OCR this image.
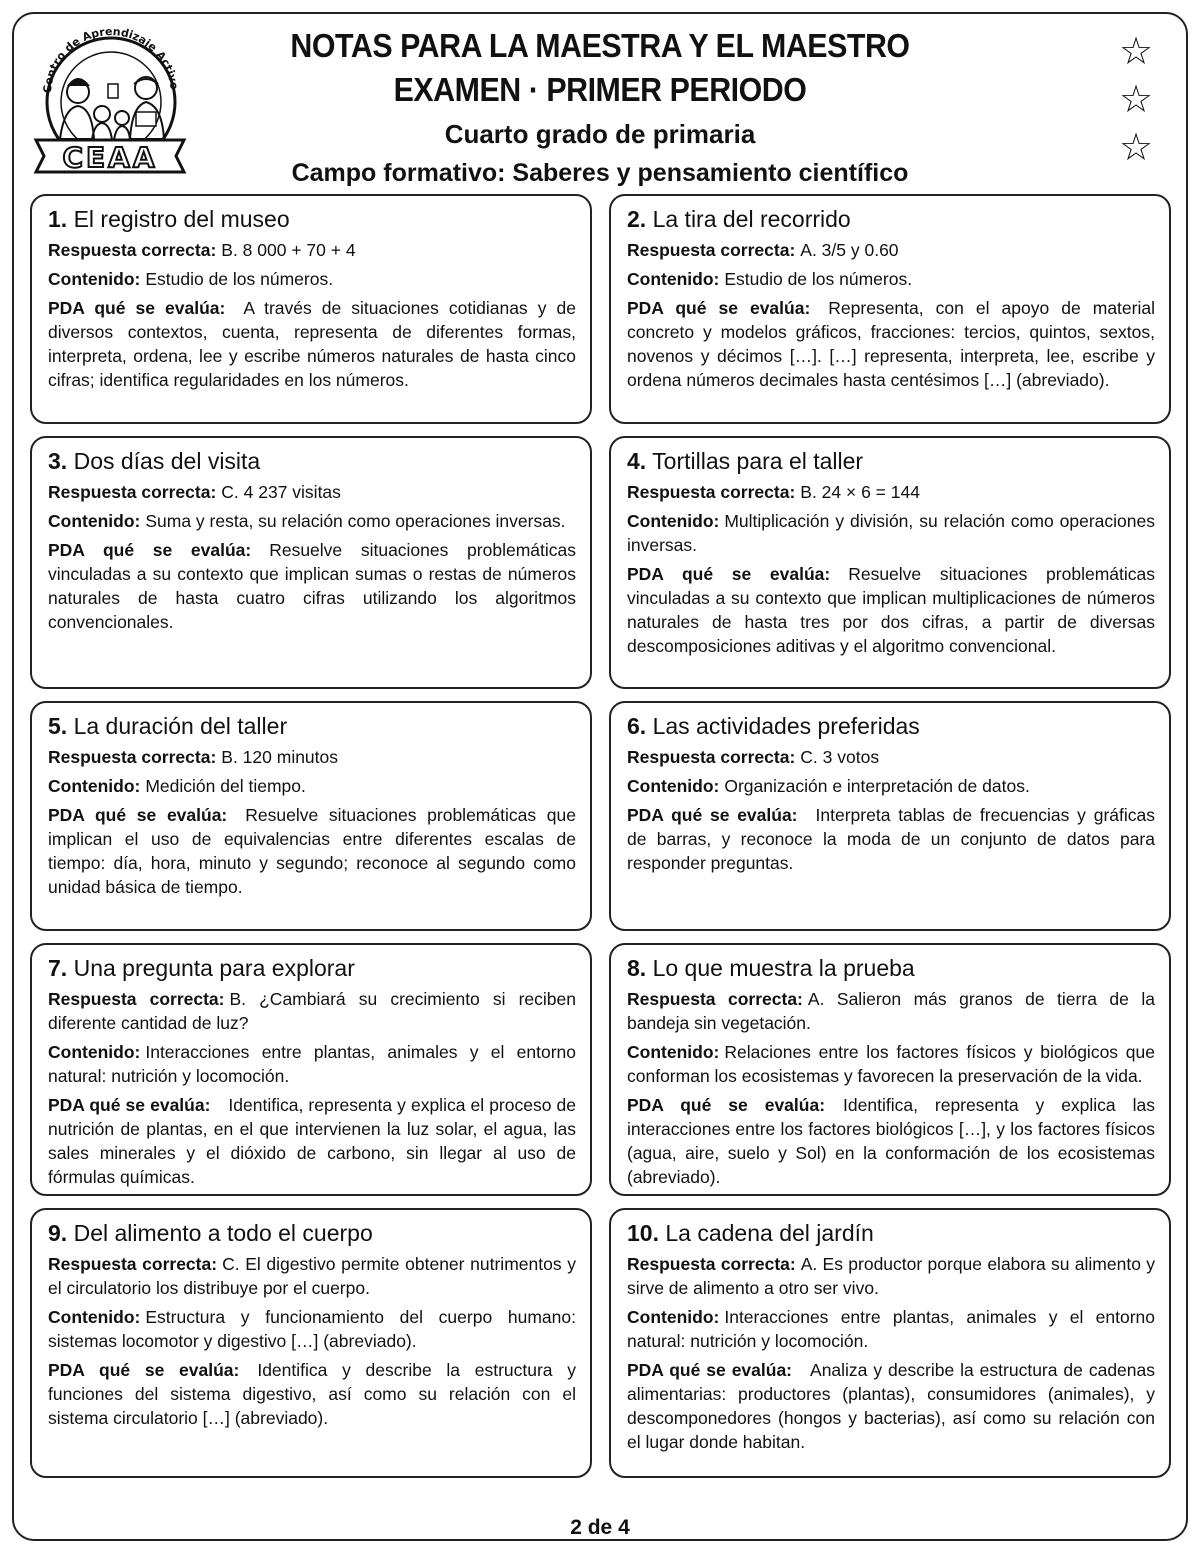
Centro de Aprendizaje Activo
CEAA
NOTAS PARA LA MAESTRA Y EL MAESTRO
EXAMEN · PRIMER PERIODO
Cuarto grado de primaria
Campo formativo: Saberes y pensamiento científico
☆
☆
☆
1. El registro del museo
Respuesta correcta: B. 8 000 + 70 + 4
Contenido: Estudio de los números.
PDA qué se evalúa: A través de situaciones cotidianas y de diversos contextos, cuenta, representa de diferentes formas, interpreta, ordena, lee y escribe números naturales de hasta cinco cifras; identifica regularidades en los números.
2. La tira del recorrido
Respuesta correcta: A. 3/5 y 0.60
Contenido: Estudio de los números.
PDA qué se evalúa: Representa, con el apoyo de material concreto y modelos gráficos, fracciones: tercios, quintos, sextos, novenos y décimos […]. […] representa, interpreta, lee, escribe y ordena números decimales hasta centésimos […] (abreviado).
3. Dos días del visita
Respuesta correcta: C. 4 237 visitas
Contenido: Suma y resta, su relación como operaciones inversas.
PDA qué se evalúa: Resuelve situaciones problemáticas vinculadas a su contexto que implican sumas o restas de números naturales de hasta cuatro cifras utilizando los algoritmos convencionales.
4. Tortillas para el taller
Respuesta correcta: B. 24 × 6 = 144
Contenido: Multiplicación y división, su relación como operaciones inversas.
PDA qué se evalúa: Resuelve situaciones problemáticas vinculadas a su contexto que implican multiplicaciones de números naturales de hasta tres por dos cifras, a partir de diversas descomposiciones aditivas y el algoritmo convencional.
5. La duración del taller
Respuesta correcta: B. 120 minutos
Contenido: Medición del tiempo.
PDA qué se evalúa: Resuelve situaciones problemáticas que implican el uso de equivalencias entre diferentes escalas de tiempo: día, hora, minuto y segundo; reconoce al segundo como unidad básica de tiempo.
6. Las actividades preferidas
Respuesta correcta: C. 3 votos
Contenido: Organización e interpretación de datos.
PDA qué se evalúa: Interpreta tablas de frecuencias y gráficas de barras, y reconoce la moda de un conjunto de datos para responder preguntas.
7. Una pregunta para explorar
Respuesta correcta: B. ¿Cambiará su crecimiento si reciben diferente cantidad de luz?
Contenido: Interacciones entre plantas, animales y el entorno natural: nutrición y locomoción.
PDA qué se evalúa: Identifica, representa y explica el proceso de nutrición de plantas, en el que intervienen la luz solar, el agua, las sales minerales y el dióxido de carbono, sin llegar al uso de fórmulas químicas.
8. Lo que muestra la prueba
Respuesta correcta: A. Salieron más granos de tierra de la bandeja sin vegetación.
Contenido: Relaciones entre los factores físicos y biológicos que conforman los ecosistemas y favorecen la preservación de la vida.
PDA qué se evalúa: Identifica, representa y explica las interacciones entre los factores biológicos […], y los factores físicos (agua, aire, suelo y Sol) en la conformación de los ecosistemas (abreviado).
9. Del alimento a todo el cuerpo
Respuesta correcta: C. El digestivo permite obtener nutrimentos y el circulatorio los distribuye por el cuerpo.
Contenido: Estructura y funcionamiento del cuerpo humano: sistemas locomotor y digestivo […] (abreviado).
PDA qué se evalúa: Identifica y describe la estructura y funciones del sistema digestivo, así como su relación con el sistema circulatorio […] (abreviado).
10. La cadena del jardín
Respuesta correcta: A. Es productor porque elabora su alimento y sirve de alimento a otro ser vivo.
Contenido: Interacciones entre plantas, animales y el entorno natural: nutrición y locomoción.
PDA qué se evalúa: Analiza y describe la estructura de cadenas alimentarias: productores (plantas), consumidores (animales), y descomponedores (hongos y bacterias), así como su relación con el lugar donde habitan.
2 de 4
